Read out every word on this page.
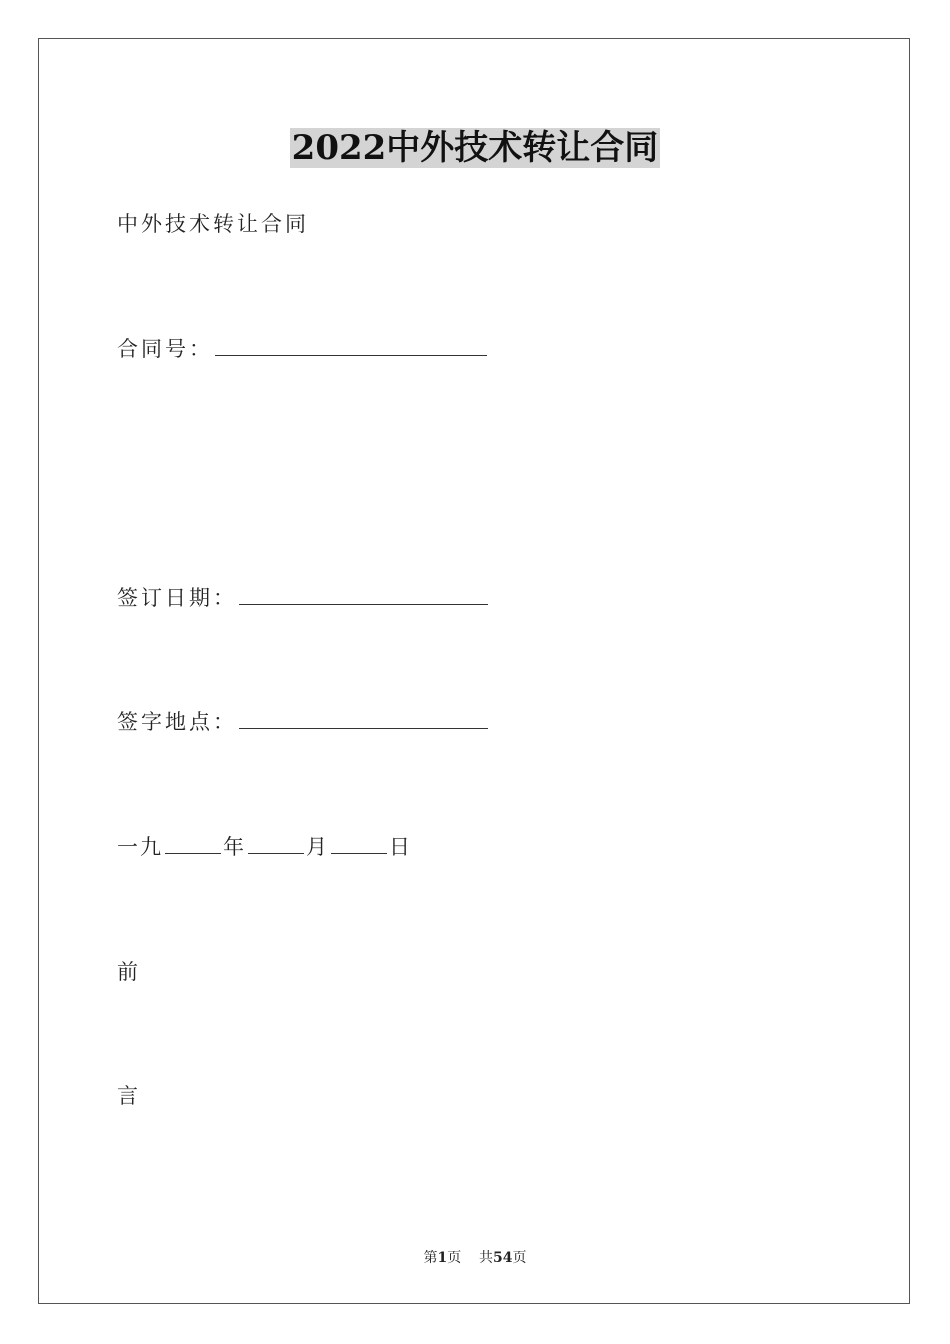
2022中外技术转让合同
中外技术转让合同
合同号：
签订日期：
签字地点：
一九	年	月	日
前
言
第1页 共54页
